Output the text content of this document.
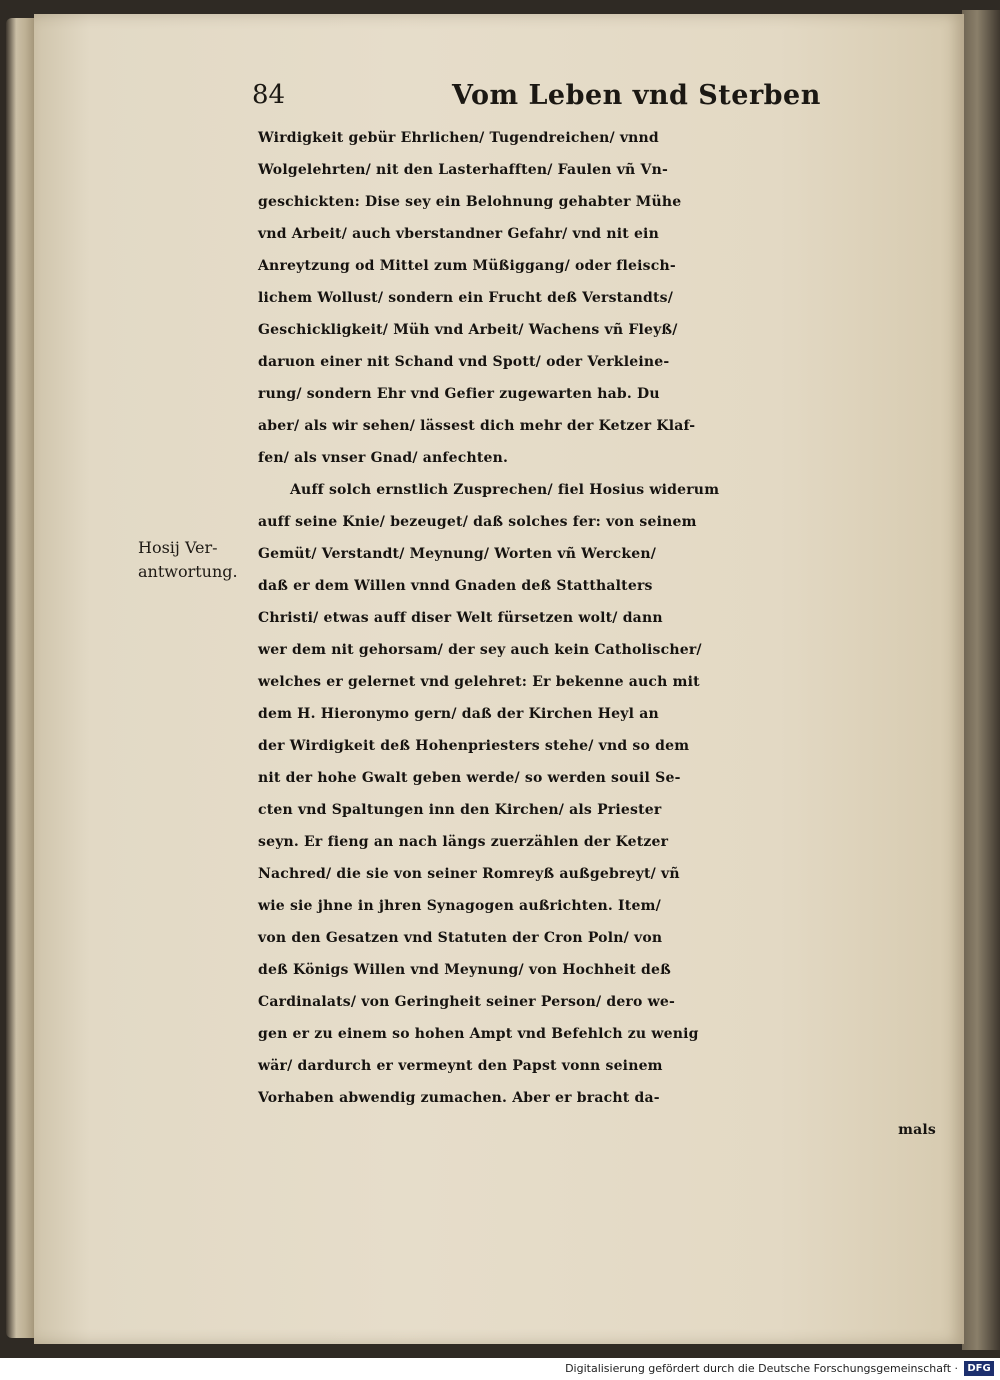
84	Vom Leben vnd Sterben
Hosij Ver-
antwortung.
Wirdigkeit gebür Ehrlichen/ Tugendreichen/ vnnd
Wolgelehrten/ nit den Lasterhafften/ Faulen vñ Vn-
geschickten: Dise sey ein Belohnung gehabter Mühe
vnd Arbeit/ auch vberstandner Gefahr/ vnd nit ein
Anreytzung od Mittel zum Müßiggang/ oder fleisch-
lichem Wollust/ sondern ein Frucht deß Verstandts/
Geschickligkeit/ Müh vnd Arbeit/ Wachens vñ Fleyß/
daruon einer nit Schand vnd Spott/ oder Verkleine-
rung/ sondern Ehr vnd Gefier zugewarten hab. Du
aber/ als wir sehen/ lässest dich mehr der Ketzer Klaf-
fen/ als vnser Gnad/ anfechten.
Auff solch ernstlich Zusprechen/ fiel Hosius widerum
auff seine Knie/ bezeuget/ daß solches fer: von seinem
Gemüt/ Verstandt/ Meynung/ Worten vñ Wercken/
daß er dem Willen vnnd Gnaden deß Statthalters
Christi/ etwas auff diser Welt fürsetzen wolt/ dann
wer dem nit gehorsam/ der sey auch kein Catholischer/
welches er gelernet vnd gelehret: Er bekenne auch mit
dem H. Hieronymo gern/ daß der Kirchen Heyl an
der Wirdigkeit deß Hohenpriesters stehe/ vnd so dem
nit der hohe Gwalt geben werde/ so werden souil Se-
cten vnd Spaltungen inn den Kirchen/ als Priester
seyn. Er fieng an nach längs zuerzählen der Ketzer
Nachred/ die sie von seiner Romreyß außgebreyt/ vñ
wie sie jhne in jhren Synagogen außrichten. Item/
von den Gesatzen vnd Statuten der Cron Poln/ von
deß Königs Willen vnd Meynung/ von Hochheit deß
Cardinalats/ von Geringheit seiner Person/ dero we-
gen er zu einem so hohen Ampt vnd Befehlch zu wenig
wär/ dardurch er vermeynt den Papst vonn seinem
Vorhaben abwendig zumachen. Aber er bracht da-
mals
Digitalisierung gefördert durch die Deutsche Forschungsgemeinschaft · DFG
